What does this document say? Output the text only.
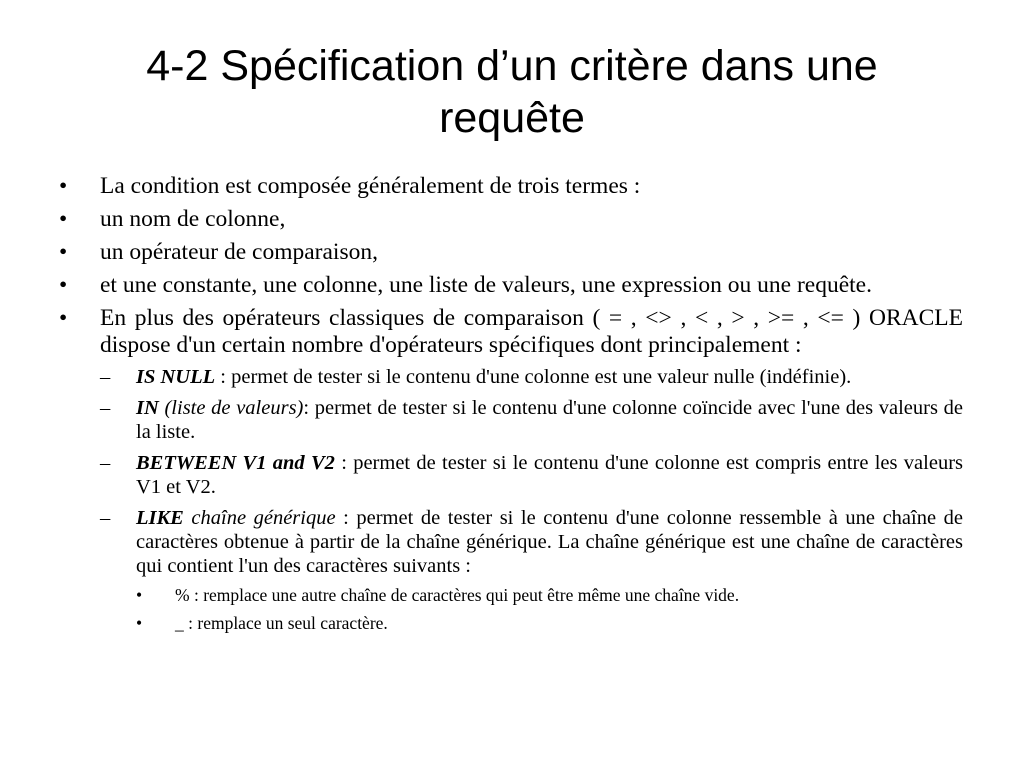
4-2 Spécification d’un critère dans une
requête
• La condition est composée généralement de trois termes :
• un nom de colonne,
• un opérateur de comparaison,
• et une constante, une colonne, une liste de valeurs, une expression ou une requête.
• En plus des opérateurs classiques de comparaison ( = , <> , < , > , >= , <= ) ORACLE dispose d'un certain nombre d'opérateurs spécifiques dont principalement :
– IS NULL : permet de tester si le contenu d'une colonne est une valeur nulle (indéfinie).
– IN (liste de valeurs): permet de tester si le contenu d'une colonne coïncide avec l'une des valeurs de la liste.
– BETWEEN V1 and V2 : permet de tester si le contenu d'une colonne est compris entre les valeurs V1 et V2.
– LIKE chaîne générique : permet de tester si le contenu d'une colonne ressemble à une chaîne de caractères obtenue à partir de la chaîne générique. La chaîne générique est une chaîne de caractères qui contient l'un des caractères suivants :
• % : remplace une autre chaîne de caractères qui peut être même une chaîne vide.
• _ : remplace un seul caractère.
